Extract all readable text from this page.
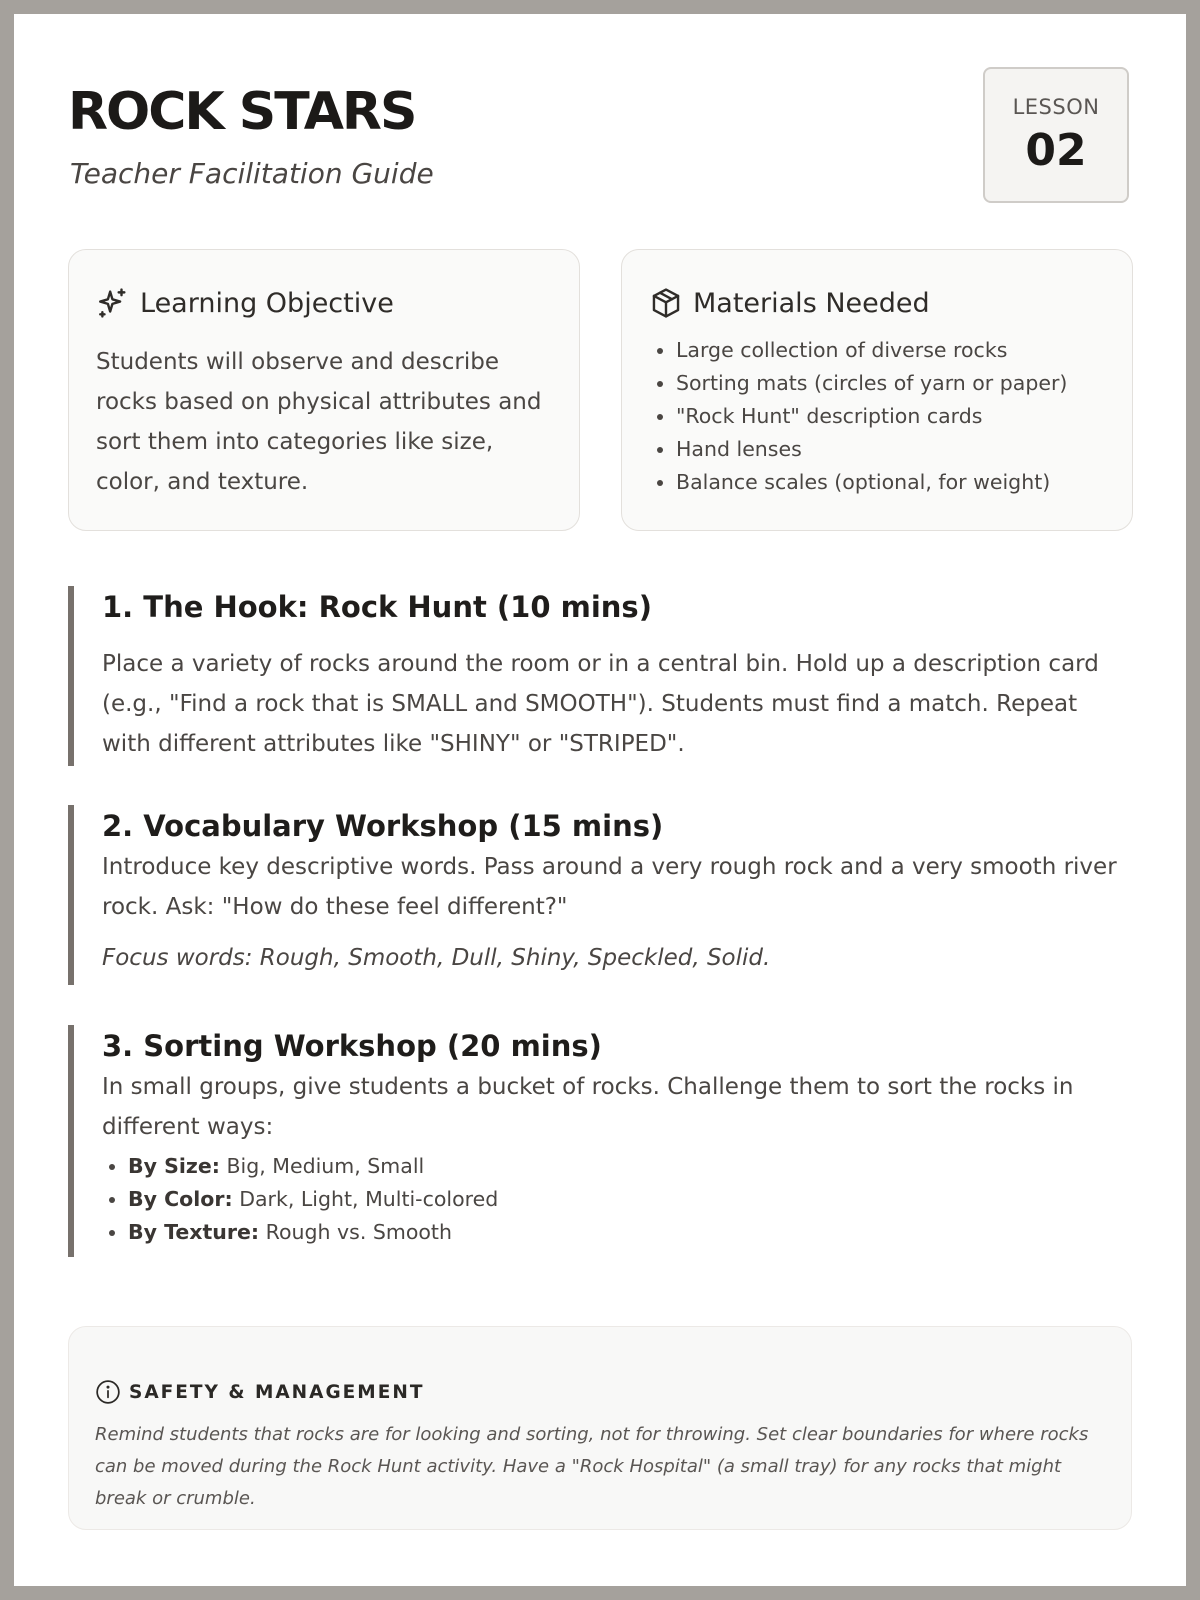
ROCK STARS
Teacher Facilitation Guide
LESSON
02
Learning Objective
Students will observe and describe rocks based on physical attributes and sort them into categories like size, color, and texture.
Materials Needed
• Large collection of diverse rocks
• Sorting mats (circles of yarn or paper)
• "Rock Hunt" description cards
• Hand lenses
• Balance scales (optional, for weight)
1. The Hook: Rock Hunt (10 mins)
Place a variety of rocks around the room or in a central bin. Hold up a description card (e.g., "Find a rock that is SMALL and SMOOTH"). Students must find a match. Repeat with different attributes like "SHINY" or "STRIPED".
2. Vocabulary Workshop (15 mins)
Introduce key descriptive words. Pass around a very rough rock and a very smooth river rock. Ask: "How do these feel different?"
Focus words: Rough, Smooth, Dull, Shiny, Speckled, Solid.
3. Sorting Workshop (20 mins)
In small groups, give students a bucket of rocks. Challenge them to sort the rocks in different ways:
• By Size: Big, Medium, Small
• By Color: Dark, Light, Multi-colored
• By Texture: Rough vs. Smooth
SAFETY & MANAGEMENT
Remind students that rocks are for looking and sorting, not for throwing. Set clear boundaries for where rocks can be moved during the Rock Hunt activity. Have a "Rock Hospital" (a small tray) for any rocks that might break or crumble.
